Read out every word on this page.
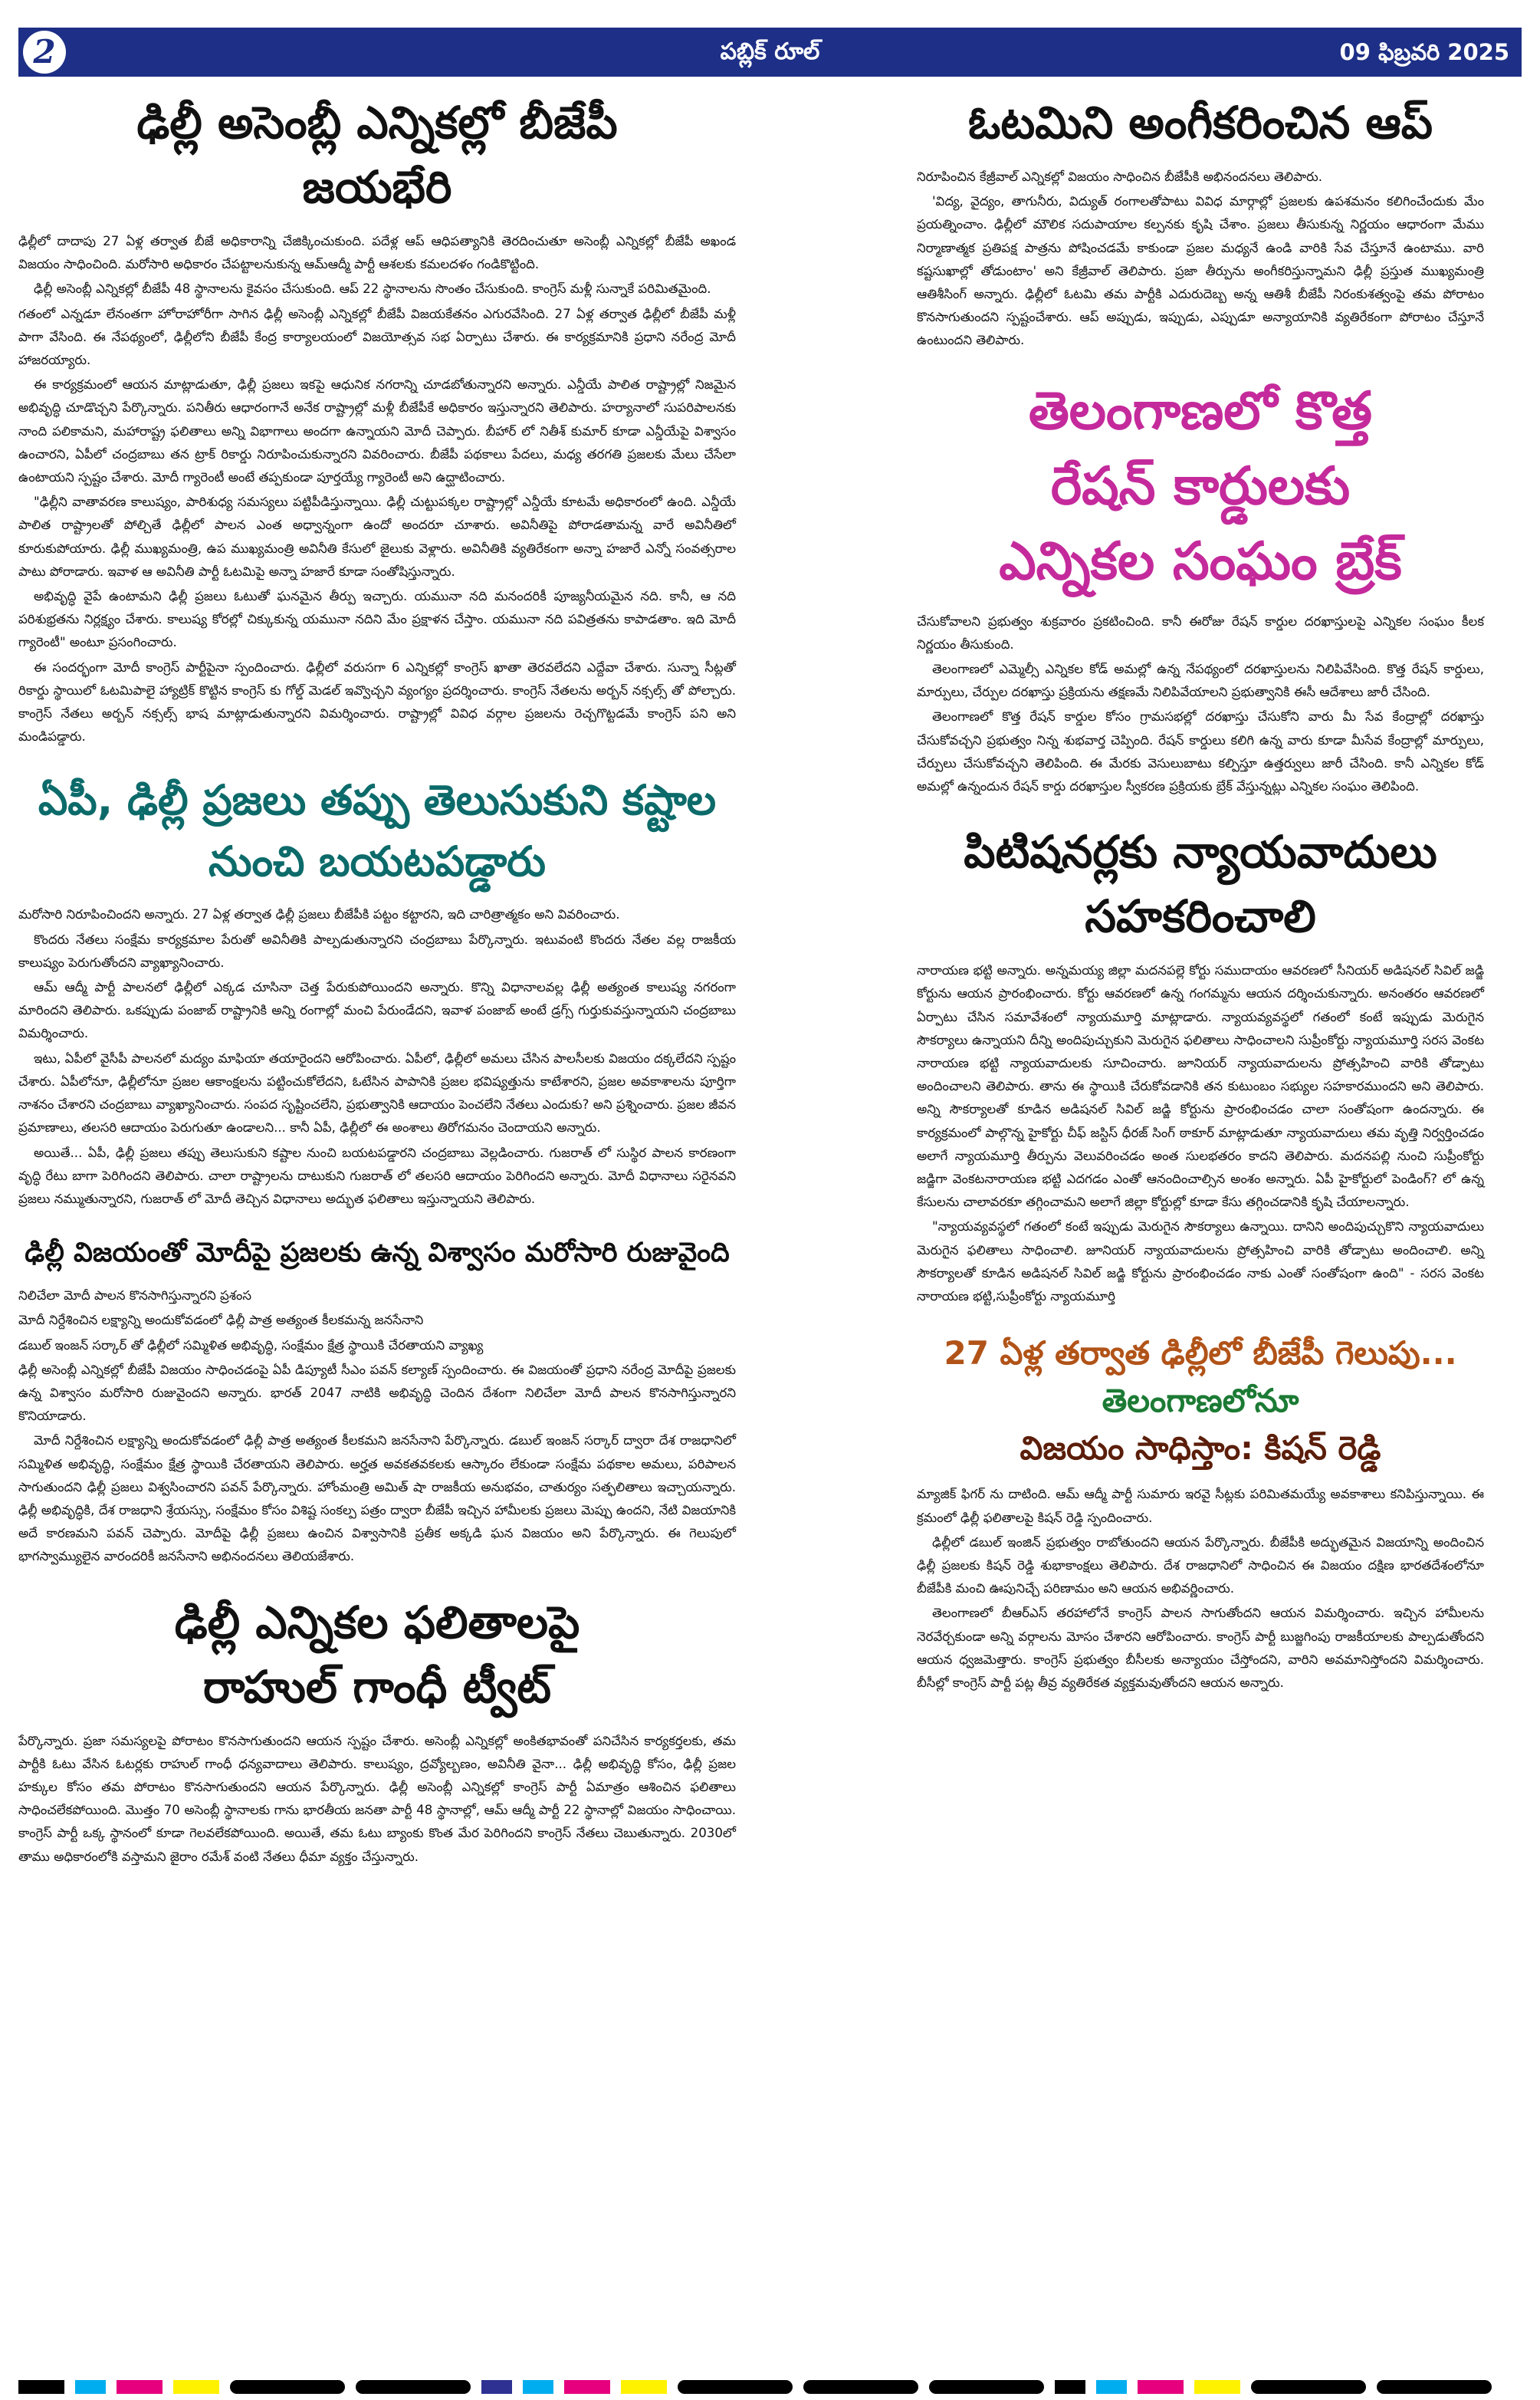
2	పబ్లిక్ రూల్	09 ఫిబ్రవరి 2025
ఢిల్లీ అసెంబ్లీ ఎన్నికల్లో బీజేపీ
జయభేరి

ఢిల్లీలో దాదాపు 27 ఏళ్ల తర్వాత బీజే అధికారాన్ని చేజిక్కించుకుంది. పదేళ్ల ఆప్ ఆధిపత్యానికి తెరదించుతూ అసెంబ్లీ ఎన్నికల్లో బీజేపీ అఖండ విజయం సాధించింది. మరోసారి అధికారం చేపట్టాలనుకున్న ఆమ్‌ఆద్మీ పార్టీ ఆశలకు కమలదళం గండికొట్టింది.

ఢిల్లీ అసెంబ్లీ ఎన్నికల్లో బీజేపీ 48 స్థానాలను కైవసం చేసుకుంది. ఆప్ 22 స్థానాలను సొంతం చేసుకుంది. కాంగ్రెస్ మళ్లీ సున్నాకే పరిమితమైంది.

గతంలో ఎన్నడూ లేనంతగా హోరాహోరీగా సాగిన ఢిల్లీ అసెంబ్లీ ఎన్నికల్లో బీజేపీ విజయకేతనం ఎగురవేసింది. 27 ఏళ్ల తర్వాత ఢిల్లీలో బీజేపీ మళ్లీ పాగా వేసింది. ఈ నేపథ్యంలో, ఢిల్లీలోని బీజేపీ కేంద్ర కార్యాలయంలో విజయోత్సవ సభ ఏర్పాటు చేశారు. ఈ కార్యక్రమానికి ప్రధాని నరేంద్ర మోదీ హాజరయ్యారు.

ఈ కార్యక్రమంలో ఆయన మాట్లాడుతూ, ఢిల్లీ ప్రజలు ఇకపై ఆధునిక నగరాన్ని చూడబోతున్నారని అన్నారు. ఎన్డీయే పాలిత రాష్ట్రాల్లో నిజమైన అభివృద్ధి చూడొచ్చని పేర్కొన్నారు. పనితీరు ఆధారంగానే అనేక రాష్ట్రాల్లో మళ్లీ బీజేపీకే అధికారం ఇస్తున్నారని తెలిపారు. హర్యానాలో సుపరిపాలనకు నాంది పలికామని, మహారాష్ట్ర ఫలితాలు అన్ని విభాగాలు అందగా ఉన్నాయని మోదీ చెప్పారు. బీహార్ లో నితీశ్ కుమార్ కూడా ఎన్డీయేపై విశ్వాసం ఉంచారని, ఏపీలో చంద్రబాబు తన ట్రాక్ రికార్డు నిరూపించుకున్నారని వివరించారు. బీజేపీ పథకాలు పేదలు, మధ్య తరగతి ప్రజలకు మేలు చేసేలా ఉంటాయని స్పష్టం చేశారు. మోదీ గ్యారెంటీ అంటే తప్పకుండా పూర్తయ్యే గ్యారెంటీ అని ఉద్ఘాటించారు.

"ఢిల్లీని వాతావరణ కాలుష్యం, పారిశుధ్య సమస్యలు పట్టిపీడిస్తున్నాయి. ఢిల్లీ చుట్టుపక్కల రాష్ట్రాల్లో ఎన్డీయే కూటమే అధికారంలో ఉంది. ఎన్డీయే పాలిత రాష్ట్రాలతో పోల్చితే ఢిల్లీలో పాలన ఎంత అధ్వాన్నంగా ఉందో అందరూ చూశారు. అవినీతిపై పోరాడతామన్న వారే అవినీతిలో కూరుకుపోయారు. ఢిల్లీ ముఖ్యమంత్రి, ఉప ముఖ్యమంత్రి అవినీతి కేసులో జైలుకు వెళ్లారు. అవినీతికి వ్యతిరేకంగా అన్నా హజారే ఎన్నో సంవత్సరాల పాటు పోరాడారు. ఇవాళ ఆ అవినీతి పార్టీ ఓటమిపై అన్నా హజారే కూడా సంతోషిస్తున్నారు.

అభివృద్ధి వైపే ఉంటామని ఢిల్లీ ప్రజలు ఓటుతో ఘనమైన తీర్పు ఇచ్చారు. యమునా నది మనందరికీ పూజ్యనీయమైన నది. కానీ, ఆ నది పరిశుభ్రతను నిర్లక్ష్యం చేశారు. కాలుష్య కోరల్లో చిక్కుకున్న యమునా నదిని మేం ప్రక్షాళన చేస్తాం. యమునా నది పవిత్రతను కాపాడతాం. ఇది మోదీ గ్యారెంటీ" అంటూ ప్రసంగించారు.

ఈ సందర్భంగా మోదీ కాంగ్రెస్ పార్టీపైనా స్పందించారు. ఢిల్లీలో వరుసగా 6 ఎన్నికల్లో కాంగ్రెస్ ఖాతా తెరవలేదని ఎద్దేవా చేశారు. సున్నా సీట్లతో రికార్డు స్థాయిలో ఓటమిపాలై హ్యాట్రిక్ కొట్టిన కాంగ్రెస్ కు గోల్డ్ మెడల్ ఇవ్వొచ్చని వ్యంగ్యం ప్రదర్శించారు. కాంగ్రెస్ నేతలను అర్బన్ నక్సల్స్ తో పోల్చారు. కాంగ్రెస్ నేతలు అర్బన్ నక్సల్స్ భాష మాట్లాడుతున్నారని విమర్శించారు. రాష్ట్రాల్లో వివిధ వర్గాల ప్రజలను రెచ్చగొట్టడమే కాంగ్రెస్ పని అని మండిపడ్డారు.

ఏపీ, ఢిల్లీ ప్రజలు తప్పు తెలుసుకుని కష్టాల
నుంచి బయటపడ్డారు

మరోసారి నిరూపించిందని అన్నారు. 27 ఏళ్ల తర్వాత ఢిల్లీ ప్రజలు బీజేపీకి పట్టం కట్టారని, ఇది చారిత్రాత్మకం అని వివరించారు.

కొందరు నేతలు సంక్షేమ కార్యక్రమాల పేరుతో అవినీతికి పాల్పడుతున్నారని చంద్రబాబు పేర్కొన్నారు. ఇటువంటి కొందరు నేతల వల్ల రాజకీయ కాలుష్యం పెరుగుతోందని వ్యాఖ్యానించారు.

ఆమ్ ఆద్మీ పార్టీ పాలనలో ఢిల్లీలో ఎక్కడ చూసినా చెత్త పేరుకుపోయిందని అన్నారు. కొన్ని విధానాలవల్ల ఢిల్లీ అత్యంత కాలుష్య నగరంగా మారిందని తెలిపారు. ఒకప్పుడు పంజాబ్ రాష్ట్రానికి అన్ని రంగాల్లో మంచి పేరుండేదని, ఇవాళ పంజాబ్ అంటే డ్రగ్స్ గుర్తుకువస్తున్నాయని చంద్రబాబు విమర్శించారు.

ఇటు, ఏపీలో వైసీపీ పాలనలో మద్యం మాఫియా తయారైందని ఆరోపించారు. ఏపీలో, ఢిల్లీలో అమలు చేసిన పాలసీలకు విజయం దక్కలేదని స్పష్టం చేశారు. ఏపీలోనూ, ఢిల్లీలోనూ ప్రజల ఆకాంక్షలను పట్టించుకోలేదని, ఓటేసిన పాపానికి ప్రజల భవిష్యత్తును కాటేశారని, ప్రజల అవకాశాలను పూర్తిగా నాశనం చేశారని చంద్రబాబు వ్యాఖ్యానించారు. సంపద సృష్టించలేని, ప్రభుత్వానికి ఆదాయం పెంచలేని నేతలు ఎందుకు? అని ప్రశ్నించారు. ప్రజల జీవన ప్రమాణాలు, తలసరి ఆదాయం పెరుగుతూ ఉండాలని... కానీ ఏపీ, ఢిల్లీలో ఈ అంశాలు తిరోగమనం చెందాయని అన్నారు.

అయితే... ఏపీ, ఢిల్లీ ప్రజలు తప్పు తెలుసుకుని కష్టాల నుంచి బయటపడ్డారని చంద్రబాబు వెల్లడించారు. గుజరాత్ లో సుస్థిర పాలన కారణంగా వృద్ధి రేటు బాగా పెరిగిందని తెలిపారు. చాలా రాష్ట్రాలను దాటుకుని గుజరాత్ లో తలసరి ఆదాయం పెరిగిందని అన్నారు. మోదీ విధానాలు సరైనవని ప్రజలు నమ్ముతున్నారని, గుజరాత్ లో మోదీ తెచ్చిన విధానాలు అద్భుత ఫలితాలు ఇస్తున్నాయని తెలిపారు.

ఢిల్లీ విజయంతో మోదీపై ప్రజలకు ఉన్న విశ్వాసం మరోసారి రుజువైంది

నిలిచేలా మోదీ పాలన కొనసాగిస్తున్నారని ప్రశంస

మోదీ నిర్దేశించిన లక్ష్యాన్ని అందుకోవడంలో ఢిల్లీ పాత్ర అత్యంత కీలకమన్న జనసేనాని

డబుల్ ఇంజన్ సర్కార్ తో ఢిల్లీలో సమ్మిళిత అభివృద్ధి, సంక్షేమం క్షేత్ర స్థాయికి చేరతాయని వ్యాఖ్య

ఢిల్లీ అసెంబ్లీ ఎన్నికల్లో బీజేపీ విజయం సాధించడంపై ఏపీ డిప్యూటీ సీఎం పవన్ కల్యాణ్ స్పందించారు. ఈ విజయంతో ప్రధాని నరేంద్ర మోదీపై ప్రజలకు ఉన్న విశ్వాసం మరోసారి రుజువైందని అన్నారు. భారత్ 2047 నాటికి అభివృద్ధి చెందిన దేశంగా నిలిచేలా మోదీ పాలన కొనసాగిస్తున్నారని కొనియాడారు.

మోదీ నిర్దేశించిన లక్ష్యాన్ని అందుకోవడంలో ఢిల్లీ పాత్ర అత్యంత కీలకమని జనసేనాని పేర్కొన్నారు. డబుల్ ఇంజన్ సర్కార్ ద్వారా దేశ రాజధానిలో సమ్మిళిత అభివృద్ధి, సంక్షేమం క్షేత్ర స్థాయికి చేరతాయని తెలిపారు. అర్హత అవకతవకలకు ఆస్కారం లేకుండా సంక్షేమ పథకాల అమలు, పరిపాలన సాగుతుందని ఢిల్లీ ప్రజలు విశ్వసించారని పవన్ పేర్కొన్నారు. హోంమంత్రి అమిత్ షా రాజకీయ అనుభవం, చాతుర్యం సత్ఫలితాలు ఇచ్చాయన్నారు. ఢిల్లీ అభివృద్ధికి, దేశ రాజధాని శ్రేయస్సు, సంక్షేమం కోసం విశిష్ట సంకల్ప పత్రం ద్వారా బీజేపీ ఇచ్చిన హామీలకు ప్రజలు మెప్పు ఉందని, నేటి విజయానికి అదే కారణమని పవన్ చెప్పారు. మోదీపై ఢిల్లీ ప్రజలు ఉంచిన విశ్వాసానికి ప్రతీక అక్కడి ఘన విజయం అని పేర్కొన్నారు. ఈ గెలుపులో భాగస్వామ్యులైన వారందరికీ జనసేనాని అభినందనలు తెలియజేశారు.

ఢిల్లీ ఎన్నికల ఫలితాలపై
రాహుల్ గాంధీ ట్వీట్

పేర్కొన్నారు. ప్రజా సమస్యలపై పోరాటం కొనసాగుతుందని ఆయన స్పష్టం చేశారు. అసెంబ్లీ ఎన్నికల్లో అంకితభావంతో పనిచేసిన కార్యకర్తలకు, తమ పార్టీకి ఓటు వేసిన ఓటర్లకు రాహుల్ గాంధీ ధన్యవాదాలు తెలిపారు. కాలుష్యం, ద్రవ్యోల్బణం, అవినీతి వైనా... ఢిల్లీ అభివృద్ధి కోసం, ఢిల్లీ ప్రజల హక్కుల కోసం తమ పోరాటం కొనసాగుతుందని ఆయన పేర్కొన్నారు. ఢిల్లీ అసెంబ్లీ ఎన్నికల్లో కాంగ్రెస్ పార్టీ ఏమాత్రం ఆశించిన ఫలితాలు సాధించలేకపోయింది. మొత్తం 70 అసెంబ్లీ స్థానాలకు గాను భారతీయ జనతా పార్టీ 48 స్థానాల్లో, ఆమ్ ఆద్మీ పార్టీ 22 స్థానాల్లో విజయం సాధించాయి. కాంగ్రెస్ పార్టీ ఒక్క స్థానంలో కూడా గెలవలేకపోయింది. అయితే, తమ ఓటు బ్యాంకు కొంత మేర పెరిగిందని కాంగ్రెస్ నేతలు చెబుతున్నారు. 2030లో తాము అధికారంలోకి వస్తామని జైరాం రమేశ్ వంటి నేతలు ధీమా వ్యక్తం చేస్తున్నారు.

ఓటమిని అంగీకరించిన ఆప్

నిరూపించిన కేజ్రీవాల్ ఎన్నికల్లో విజయం సాధించిన బీజేపీకి అభినందనలు తెలిపారు.

'విద్య, వైద్యం, తాగునీరు, విద్యుత్ రంగాలతోపాటు వివిధ మార్గాల్లో ప్రజలకు ఉపశమనం కలిగించేందుకు మేం ప్రయత్నించాం. ఢిల్లీలో మౌలిక సదుపాయాల కల్పనకు కృషి చేశాం. ప్రజలు తీసుకున్న నిర్ణయం ఆధారంగా మేము నిర్మాణాత్మక ప్రతిపక్ష పాత్రను పోషించడమే కాకుండా ప్రజల మధ్యనే ఉండి వారికి సేవ చేస్తూనే ఉంటాము. వారి కష్టసుఖాల్లో తోడుంటాం' అని కేజ్రీవాల్ తెలిపారు. ప్రజా తీర్పును అంగీకరిస్తున్నామని ఢిల్లీ ప్రస్తుత ముఖ్యమంత్రి ఆతిశీసింగ్ అన్నారు. ఢిల్లీలో ఓటమి తమ పార్టీకి ఎదురుదెబ్బ అన్న ఆతిశీ బీజేపీ నిరంకుశత్వంపై తమ పోరాటం కొనసాగుతుందని స్పష్టంచేశారు. ఆప్ అప్పుడు, ఇప్పుడు, ఎప్పుడూ అన్యాయానికి వ్యతిరేకంగా పోరాటం చేస్తూనే ఉంటుందని తెలిపారు.

తెలంగాణలో కొత్త
రేషన్ కార్డులకు
ఎన్నికల సంఘం బ్రేక్

చేసుకోవాలని ప్రభుత్వం శుక్రవారం ప్రకటించింది. కానీ ఈరోజు రేషన్ కార్డుల దరఖాస్తులపై ఎన్నికల సంఘం కీలక నిర్ణయం తీసుకుంది.

తెలంగాణలో ఎమ్మెల్సీ ఎన్నికల కోడ్ అమల్లో ఉన్న నేపథ్యంలో దరఖాస్తులను నిలిపివేసింది. కొత్త రేషన్ కార్డులు, మార్పులు, చేర్పుల దరఖాస్తు ప్రక్రియను తక్షణమే నిలిపివేయాలని ప్రభుత్వానికి ఈసీ ఆదేశాలు జారీ చేసింది.

తెలంగాణలో కొత్త రేషన్ కార్డుల కోసం గ్రామసభల్లో దరఖాస్తు చేసుకోని వారు మీ సేవ కేంద్రాల్లో దరఖాస్తు చేసుకోవచ్చని ప్రభుత్వం నిన్న శుభవార్త చెప్పింది. రేషన్ కార్డులు కలిగి ఉన్న వారు కూడా మీసేవ కేంద్రాల్లో మార్పులు, చేర్పులు చేసుకోవచ్చని తెలిపింది. ఈ మేరకు వెసులుబాటు కల్పిస్తూ ఉత్తర్వులు జారీ చేసింది. కానీ ఎన్నికల కోడ్ అమల్లో ఉన్నందున రేషన్ కార్డు దరఖాస్తుల స్వీకరణ ప్రక్రియకు బ్రేక్ వేస్తున్నట్లు ఎన్నికల సంఘం తెలిపింది.

పిటిషనర్లకు న్యాయవాదులు
సహకరించాలి

నారాయణ భట్టి అన్నారు. అన్నమయ్య జిల్లా మదనపల్లె కోర్టు సముదాయం ఆవరణలో సీనియర్ అడిషనల్ సివిల్ జడ్జి కోర్టును ఆయన ప్రారంభించారు. కోర్టు ఆవరణలో ఉన్న గంగమ్మను ఆయన దర్శించుకున్నారు. అనంతరం ఆవరణలో ఏర్పాటు చేసిన సమావేశంలో న్యాయమూర్తి మాట్లాడారు. న్యాయవ్యవస్థలో గతంలో కంటే ఇప్పుడు మెరుగైన సౌకర్యాలు ఉన్నాయని దీన్ని అందిపుచ్చుకుని మెరుగైన ఫలితాలు సాధించాలని సుప్రీంకోర్టు న్యాయమూర్తి సరస వెంకట నారాయణ భట్టి న్యాయవాదులకు సూచించారు. జూనియర్ న్యాయవాదులను ప్రోత్సహించి వారికి తోడ్పాటు అందించాలని తెలిపారు. తాను ఈ స్థాయికి చేరుకోవడానికి తన కుటుంబం సభ్యుల సహకారముందని అని తెలిపారు. అన్ని సౌకర్యాలతో కూడిన అడిషనల్ సివిల్ జడ్జి కోర్టును ప్రారంభించడం చాలా సంతోషంగా ఉందన్నారు. ఈ కార్యక్రమంలో పాల్గొన్న హైకోర్టు చీఫ్ జస్టిస్ ధీరజ్ సింగ్ ఠాకూర్ మాట్లాడుతూ న్యాయవాదులు తమ వృత్తి నిర్వర్తించడం అలాగే న్యాయమూర్తి తీర్పును వెలువరించడం అంత సులభతరం కాదని తెలిపారు. మదనపల్లి నుంచి సుప్రీంకోర్టు జడ్జిగా వెంకటనారాయణ భట్టి ఎదగడం ఎంతో ఆనందించాల్సిన అంశం అన్నారు. ఏపీ హైకోర్టులో పెండింగ్? లో ఉన్న కేసులను చాలావరకూ తగ్గించామని అలాగే జిల్లా కోర్టుల్లో కూడా కేసు తగ్గించడానికి కృషి చేయాలన్నారు.

"న్యాయవ్యవస్థలో గతంలో కంటే ఇప్పుడు మెరుగైన సౌకర్యాలు ఉన్నాయి. దానిని అందిపుచ్చుకొని న్యాయవాదులు మెరుగైన ఫలితాలు సాధించాలి. జూనియర్ న్యాయవాదులను ప్రోత్సహించి వారికి తోడ్పాటు అందించాలి. అన్ని సౌకర్యాలతో కూడిన అడిషనల్ సివిల్ జడ్జి కోర్టును ప్రారంభించడం నాకు ఎంతో సంతోషంగా ఉంది" - సరస వెంకట నారాయణ భట్టి,సుప్రీంకోర్టు న్యాయమూర్తి

27 ఏళ్ల తర్వాత ఢిల్లీలో బీజేపీ గెలుపు...
తెలంగాణలోనూ
విజయం సాధిస్తాం: కిషన్ రెడ్డి

మ్యాజిక్ ఫిగర్ ను దాటింది. ఆమ్ ఆద్మీ పార్టీ సుమారు ఇరవై సీట్లకు పరిమితమయ్యే అవకాశాలు కనిపిస్తున్నాయి. ఈ క్రమంలో ఢిల్లీ ఫలితాలపై కిషన్ రెడ్డి స్పందించారు.

ఢిల్లీలో డబుల్ ఇంజిన్ ప్రభుత్వం రాబోతుందని ఆయన పేర్కొన్నారు. బీజేపీకి అద్భుతమైన విజయాన్ని అందించిన ఢిల్లీ ప్రజలకు కిషన్ రెడ్డి శుభాకాంక్షలు తెలిపారు. దేశ రాజధానిలో సాధించిన ఈ విజయం దక్షిణ భారతదేశంలోనూ బీజేపీకి మంచి ఊపునిచ్చే పరిణామం అని ఆయన అభివర్ణించారు.

తెలంగాణలో బీఆర్ఎస్ తరహాలోనే కాంగ్రెస్ పాలన సాగుతోందని ఆయన విమర్శించారు. ఇచ్చిన హామీలను నెరవేర్చకుండా అన్ని వర్గాలను మోసం చేశారని ఆరోపించారు. కాంగ్రెస్ పార్టీ బుజ్జగింపు రాజకీయాలకు పాల్పడుతోందని ఆయన ధ్వజమెత్తారు. కాంగ్రెస్ ప్రభుత్వం బీసీలకు అన్యాయం చేస్తోందని, వారిని అవమానిస్తోందని విమర్శించారు. బీసీల్లో కాంగ్రెస్ పార్టీ పట్ల తీవ్ర వ్యతిరేకత వ్యక్తమవుతోందని ఆయన అన్నారు.
